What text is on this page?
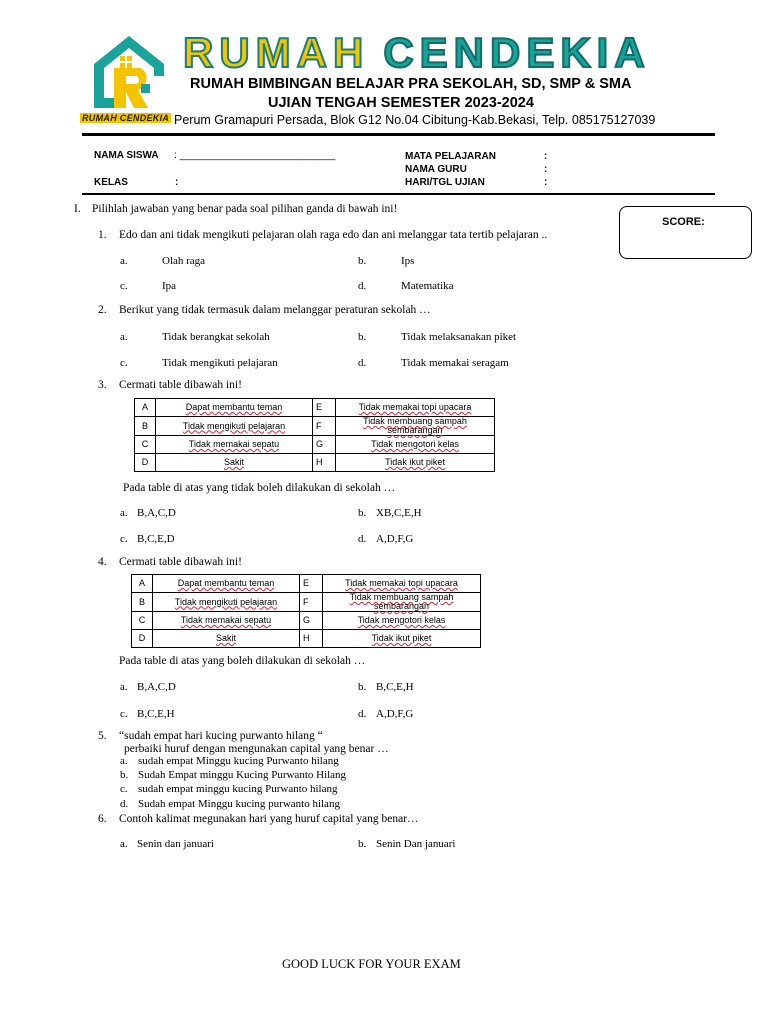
RUMAH CENDEKIA
RUMAH CENDEKIA
RUMAH BIMBINGAN BELAJAR PRA SEKOLAH, SD, SMP & SMA
UJIAN TENGAH SEMESTER 2023-2024
Perum Gramapuri Persada, Blok G12 No.04 Cibitung-Kab.Bekasi, Telp. 085175127039
NAMA SISWA : ____________________________
KELAS	:
MATA PELAJARAN
NAMA GURU
HARI/TGL UJIAN
:
:
:
SCORE:
I. Pilihlah jawaban yang benar pada soal pilihan ganda di bawah ini!
1. Edo dan ani tidak mengikuti pelajaran olah raga edo dan ani melanggar tata tertib pelajaran ..
a.	Olah raga	b.	Ips
c.	Ipa	d.	Matematika
2. Berikut yang tidak termasuk dalam melanggar peraturan sekolah …
a.	Tidak berangkat sekolah	b.	Tidak melaksanakan piket
c.	Tidak mengikuti pelajaran	d.	Tidak memakai seragam
3. Cermati table dibawah ini!
A	Dapat membantu teman	E	Tidak memakai topi upacara
B	Tidak mengikuti pelajaran	F	Tidak membuang sampah sembarangan
C	Tidak memakai sepatu	G	Tidak mengotori kelas
D	Sakit	H	Tidak ikut piket
Pada table di atas yang tidak boleh dilakukan di sekolah …
a. B,A,C,D	b. XB,C,E,H
c. B,C,E,D	d. A,D,F,G
4. Cermati table dibawah ini!
A	Dapat membantu teman	E	Tidak memakai topi upacara
B	Tidak mengikuti pelajaran	F	Tidak membuang sampah sembarangan
C	Tidak memakai sepatu	G	Tidak mengotori kelas
D	Sakit	H	Tidak ikut piket
Pada table di atas yang boleh dilakukan di sekolah …
a. B,A,C,D	b. B,C,E,H
c. B,C,E,H	d. A,D,F,G
5. “sudah empat hari kucing purwanto hilang “
perbaiki huruf dengan mengunakan capital yang benar …
a. sudah empat Minggu kucing Purwanto hilang
b. Sudah Empat minggu Kucing Purwanto Hilang
c. sudah empat minggu kucing Purwanto hilang
d. Sudah empat Minggu kucing purwanto hilang
6. Contoh kalimat megunakan hari yang huruf capital yang benar…
a. Senin dan januari	b. Senin Dan januari
GOOD LUCK FOR YOUR EXAM
